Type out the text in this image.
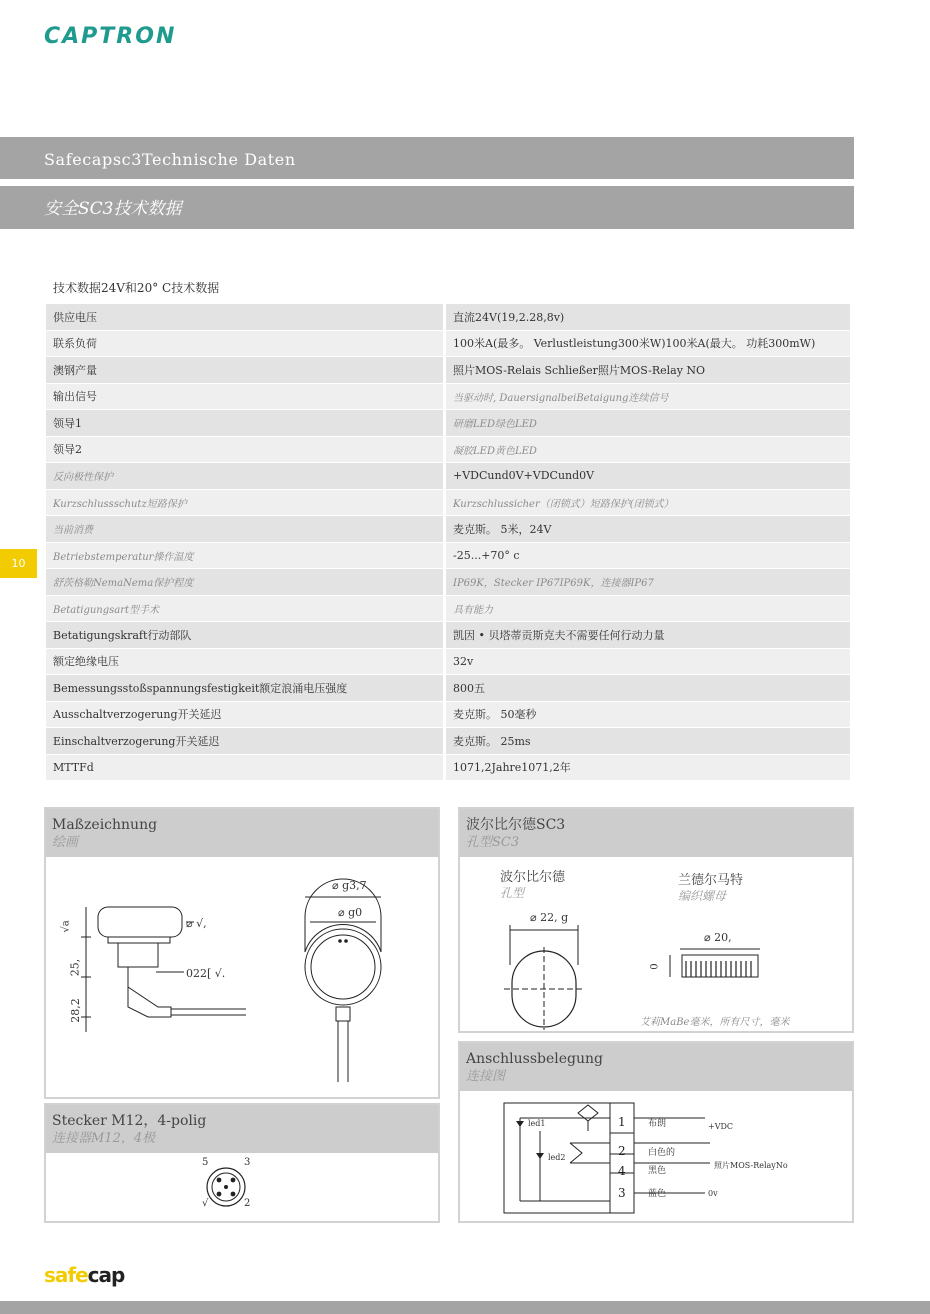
CAPTRON
Safecapsc3Technische Daten
安全SC3技术数据
技术数据24V和20° C技术数据
供应电压	直流24V(19,2.28,8v)
联系负荷	100米A(最多。 Verlustleistung300米W)100米A(最大。 功耗300mW)
澳钢产量	照片MOS-Relais Schließer照片MOS-Relay NO
输出信号	当驱动时, DauersignalbeiBetaigung连续信号
领导1	研磨LED绿色LED
领导2	凝胶LED黄色LED
反向极性保护	+VDCund0V+VDCund0V
Kurzschlussschutz短路保护	Kurzschlussicher（闭锁式）短路保护(闭锁式）
当前消费	麦克斯。 5米，24V
Betriebstemperatur操作温度	-25...+70° c
舒茨格勒NemaNema保护程度	IP69K，Stecker IP67IP69K，连接器IP67
Betatigungsart型手术	具有能力
Betatigungskraft行动部队	凯因 • 贝塔蒂贡斯克夫不需要任何行动力量
额定绝缘电压	32v
Bemessungsstoßspannungsfestigkeit额定浪涌电压强度	800五
Ausschaltverzogerung开关延迟	麦克斯。 50毫秒
Einschaltverzogerung开关延迟	麦克斯。 25ms
MTTFd	1071,2Jahre1071,2年
10
Maßzeichnung
绘画
⌀ √,
022[ √.
√a
25,
28,2
⌀ g3,7
⌀ g0
波尔比尔德SC3
孔型SC3
波尔比尔德
孔型
兰德尔马特
编织螺母
⌀ 22, g
⌀ 20,
0
艾莉MaBe毫米，所有尺寸，毫米
Stecker M12，4-polig
连接器M12，4极
5	3
√	2
Anschlussbelegung
连接图
led1
led2
1
2
4
3
布朗
白色的
黑色
蓝色
+VDC
照片MOS-RelayNo
0v
safecap
